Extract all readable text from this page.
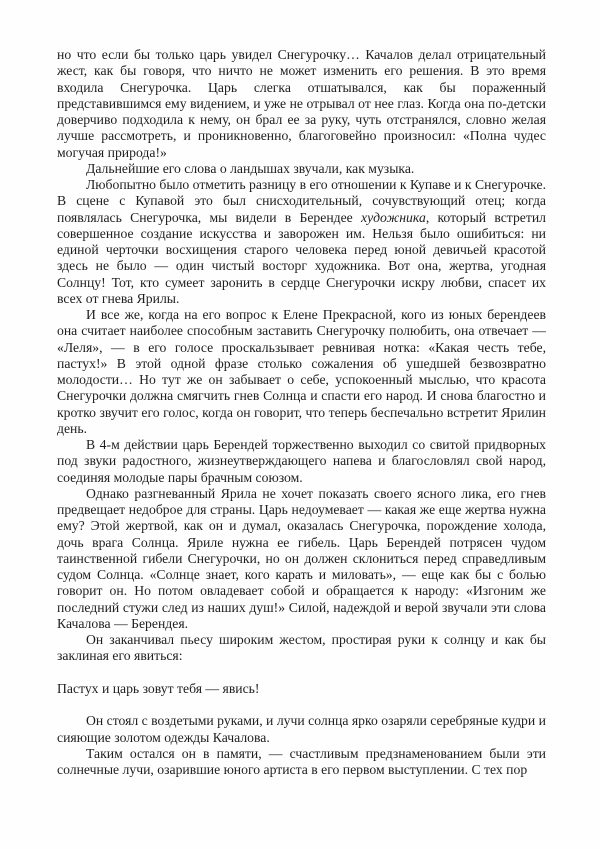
но что если бы только царь увидел Снегурочку… Качалов делал отрицательный жест, как бы говоря, что ничто не может изменить его решения. В это время входила Снегурочка. Царь слегка отшатывался, как бы пораженный представившимся ему видением, и уже не отрывал от нее глаз. Когда она по-детски доверчиво подходила к нему, он брал ее за руку, чуть отстранялся, словно желая лучше рассмотреть, и проникновенно, благоговейно произносил: «Полна чудес могучая природа!»

Дальнейшие его слова о ландышах звучали, как музыка.

Любопытно было отметить разницу в его отношении к Купаве и к Снегурочке. В сцене с Купавой это был снисходительный, сочувствующий отец; когда появлялась Снегурочка, мы видели в Берендее художника, который встретил совершенное создание искусства и заворожен им. Нельзя было ошибиться: ни единой черточки восхищения старого человека перед юной девичьей красотой здесь не было — один чистый восторг художника. Вот она, жертва, угодная Солнцу! Тот, кто сумеет заронить в сердце Снегурочки искру любви, спасет их всех от гнева Ярилы.

И все же, когда на его вопрос к Елене Прекрасной, кого из юных берендеев она считает наиболее способным заставить Снегурочку полюбить, она отвечает — «Леля», — в его голосе проскальзывает ревнивая нотка: «Какая честь тебе, пастух!» В этой одной фразе столько сожаления об ушедшей безвозвратно молодости… Но тут же он забывает о себе, успокоенный мыслью, что красота Снегурочки должна смягчить гнев Солнца и спасти его народ. И снова благостно и кротко звучит его голос, когда он говорит, что теперь беспечально встретит Ярилин день.

В 4-м действии царь Берендей торжественно выходил со свитой придворных под звуки радостного, жизнеутверждающего напева и благословлял свой народ, соединяя молодые пары брачным союзом.

Однако разгневанный Ярила не хочет показать своего ясного лика, его гнев предвещает недоброе для страны. Царь недоумевает — какая же еще жертва нужна ему? Этой жертвой, как он и думал, оказалась Снегурочка, порождение холода, дочь врага Солнца. Яриле нужна ее гибель. Царь Берендей потрясен чудом таинственной гибели Снегурочки, но он должен склониться перед справедливым судом Солнца. «Солнце знает, кого карать и миловать», — еще как бы с болью говорит он. Но потом овладевает собой и обращается к народу: «Изгоним же последний стужи след из наших душ!» Силой, надеждой и верой звучали эти слова Качалова — Берендея.

Он заканчивал пьесу широким жестом, простирая руки к солнцу и как бы заклиная его явиться:

Пастух и царь зовут тебя — явись!

Он стоял с воздетыми руками, и лучи солнца ярко озаряли серебряные кудри и сияющие золотом одежды Качалова.

Таким остался он в памяти, — счастливым предзнаменованием были эти солнечные лучи, озарившие юного артиста в его первом выступлении. С тех пор
